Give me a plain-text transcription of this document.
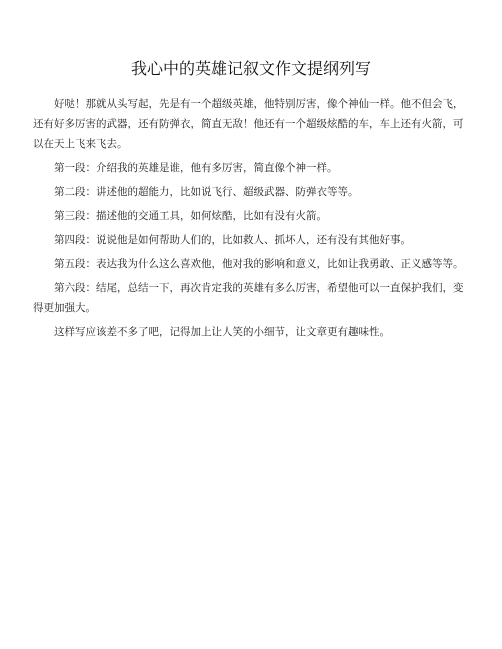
我心中的英雄记叙文作文提纲列写

好哒！那就从头写起，先是有一个超级英雄，他特别厉害，像个神仙一样。他不但会飞，还有好多厉害的武器，还有防弹衣，简直无敌！他还有一个超级炫酷的车，车上还有火箭，可以在天上飞来飞去。

第一段：介绍我的英雄是谁，他有多厉害，简直像个神一样。

第二段：讲述他的超能力，比如说飞行、超级武器、防弹衣等等。

第三段：描述他的交通工具，如何炫酷，比如有没有火箭。

第四段：说说他是如何帮助人们的，比如救人、抓坏人，还有没有其他好事。

第五段：表达我为什么这么喜欢他，他对我的影响和意义，比如让我勇敢、正义感等等。

第六段：结尾，总结一下，再次肯定我的英雄有多么厉害，希望他可以一直保护我们，变得更加强大。

这样写应该差不多了吧，记得加上让人笑的小细节，让文章更有趣味性。
